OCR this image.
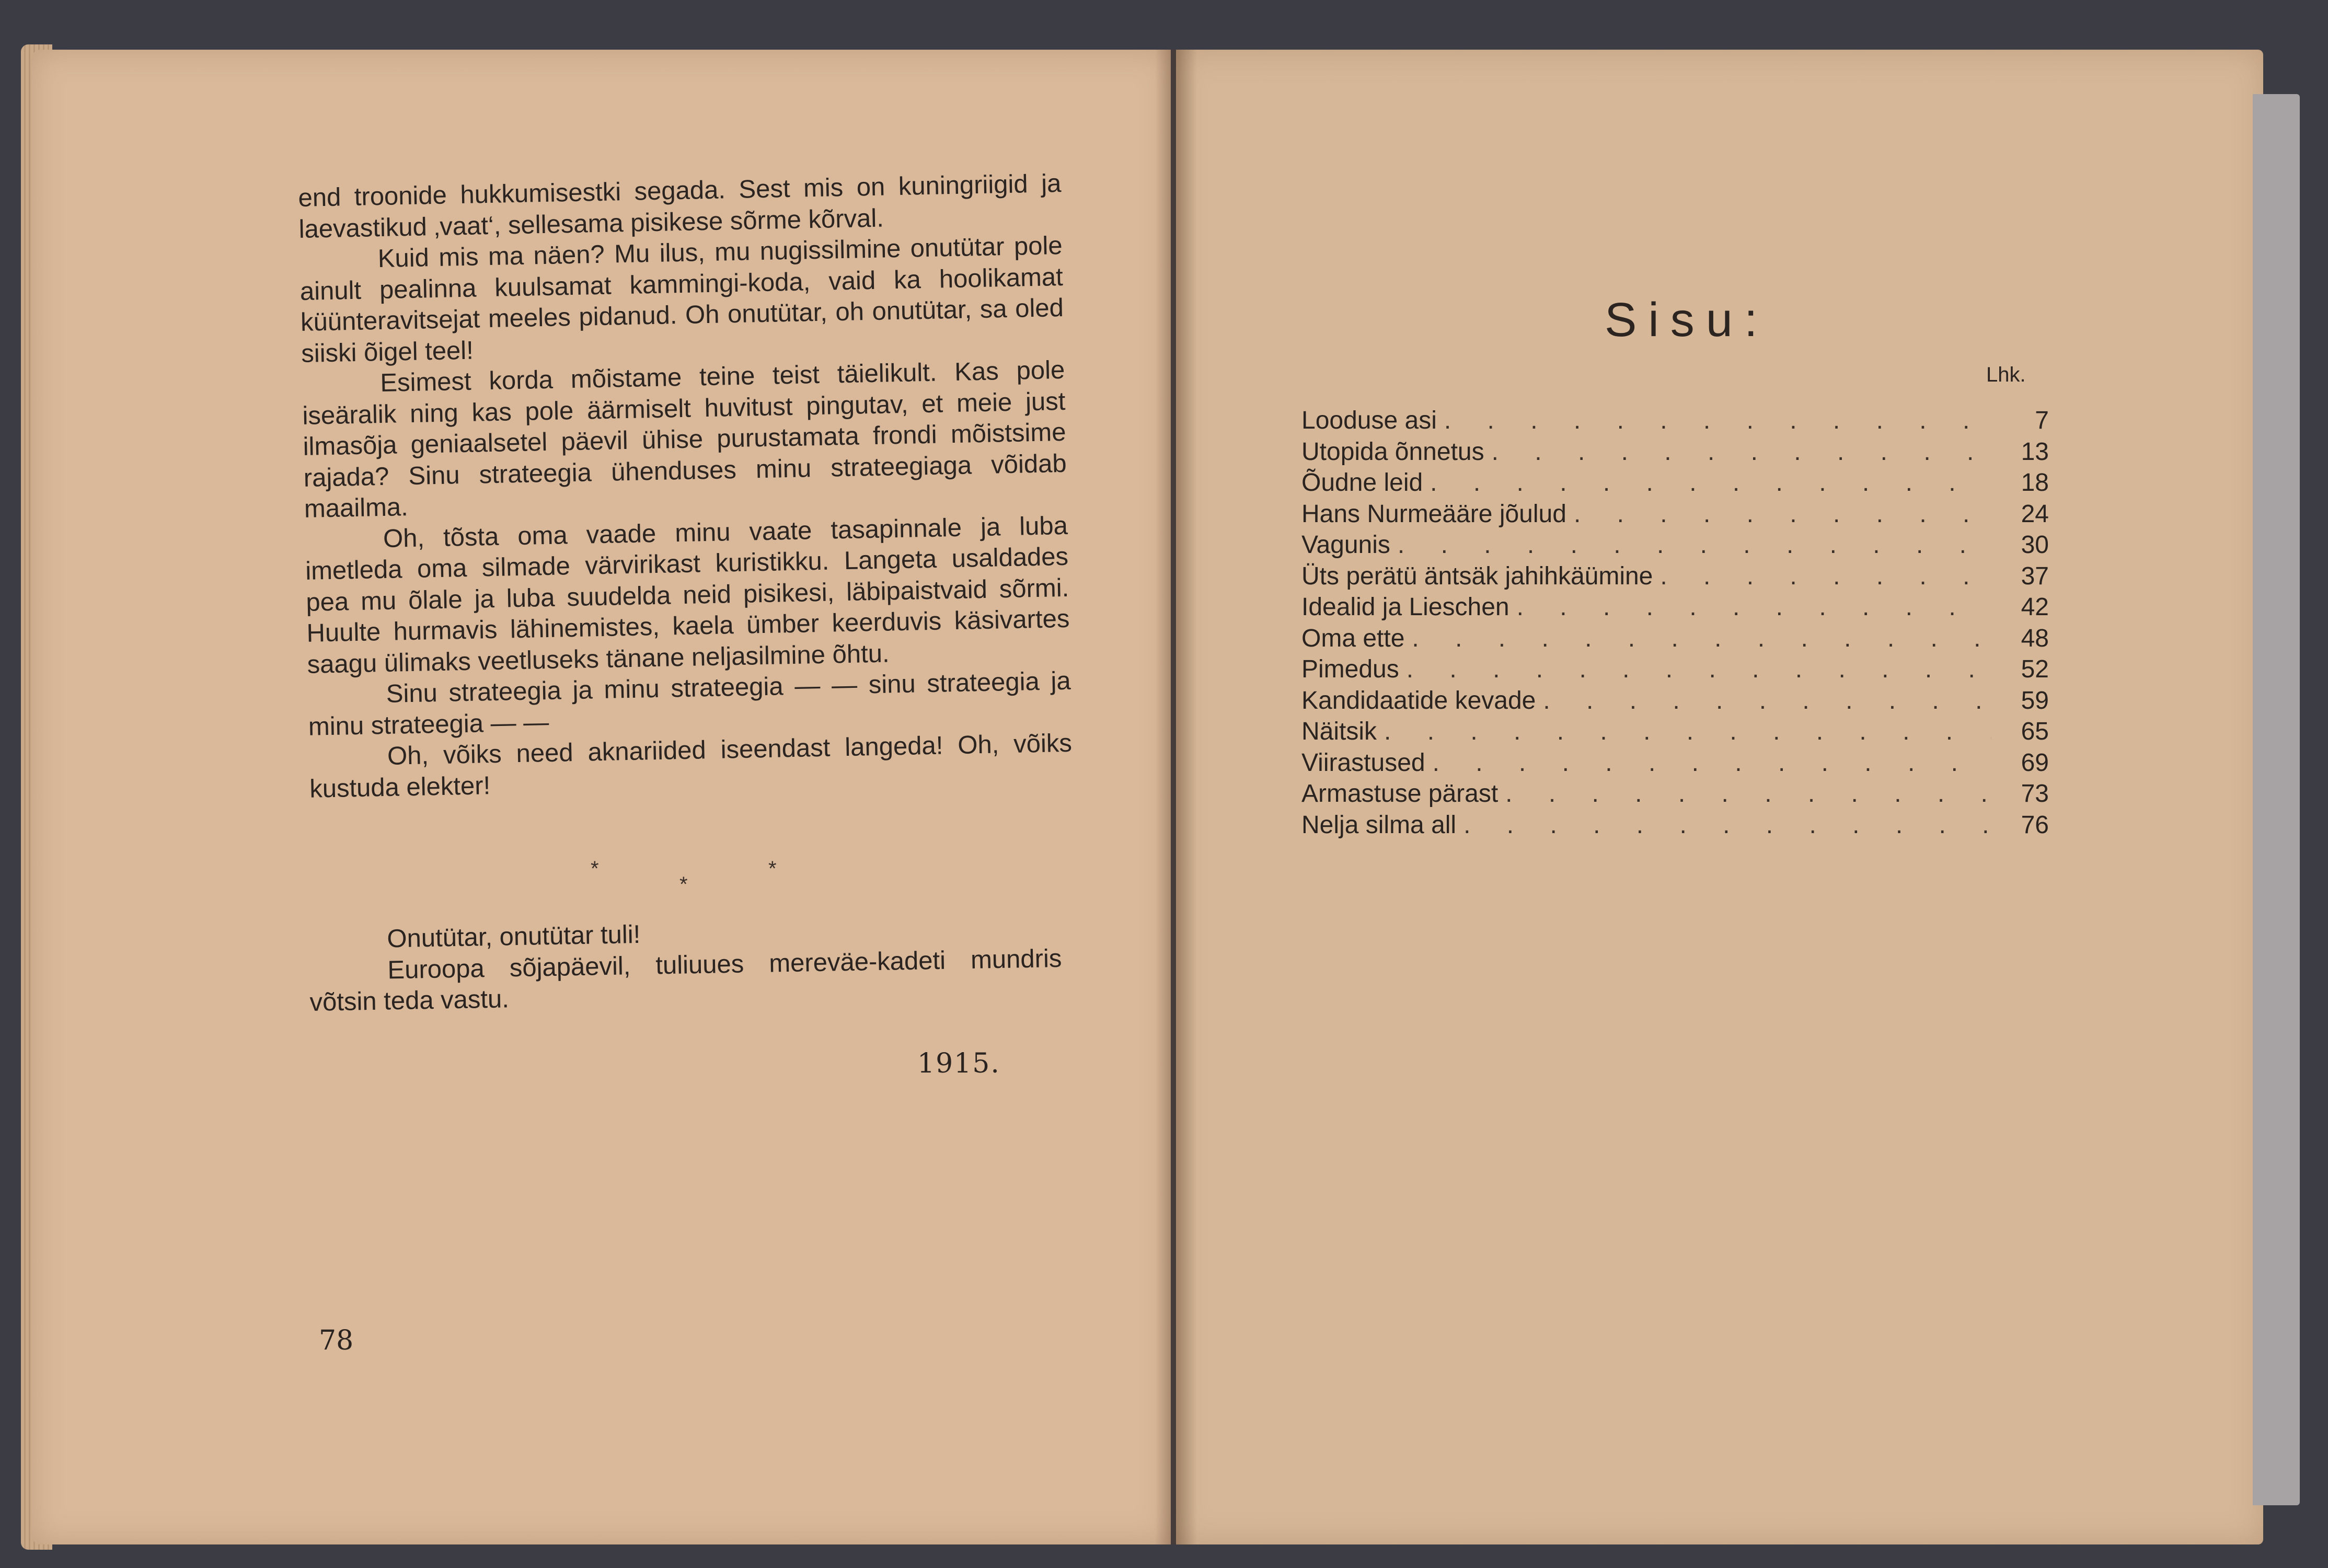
end troonide hukkumisestki segada. Sest mis on kuningriigid ja laevastikud ‚vaat‘, sellesama pisikese sõrme kõrval.

Kuid mis ma näen? Mu ilus, mu nugissilmine onutütar pole ainult pealinna kuulsamat kammingi-koda, vaid ka hoolikamat küünteravitsejat meeles pidanud. Oh onutütar, oh onutütar, sa oled siiski õigel teel!

Esimest korda mõistame teine teist täielikult. Kas pole iseäralik ning kas pole äärmiselt huvitust pingutav, et meie just ilmasõja geniaalsetel päevil ühise purustamata frondi mõistsime rajada? Sinu strateegia ühenduses minu strateegiaga võidab maailma.

Oh, tõsta oma vaade minu vaate tasapinnale ja luba imetleda oma silmade värvirikast kuristikku. Langeta usaldades pea mu õlale ja luba suudelda neid pisikesi, läbipaistvaid sõrmi. Huulte hurmavis lähinemistes, kaela ümber keerduvis käsivartes saagu ülimaks veetluseks tänane neljasilmine õhtu.

Sinu strateegia ja minu strateegia — — sinu strateegia ja minu strateegia — —

Oh, võiks need aknariided iseendast langeda! Oh, võiks kustuda elekter!

*
*
*

Onutütar, onutütar tuli!

Euroopa sõjapäevil, tuliuues mereväe-kadeti mundris võtsin teda vastu.

1915.
78
Sisu:
Lhk.
Looduse asi . . .	7
Utopida õnnetus . . .	13
Õudne leid . . .	18
Hans Nurmeääre jõulud . . .	24
Vagunis . . .	30
Üts perätü äntsäk jahihkäümine . . .	37
Idealid ja Lieschen . . .	42
Oma ette . . .	48
Pimedus . . .	52
Kandidaatide kevade . . .	59
Näitsik . . .	65
Viirastused . . .	69
Armastuse pärast . . .	73
Nelja silma all . . .	76
